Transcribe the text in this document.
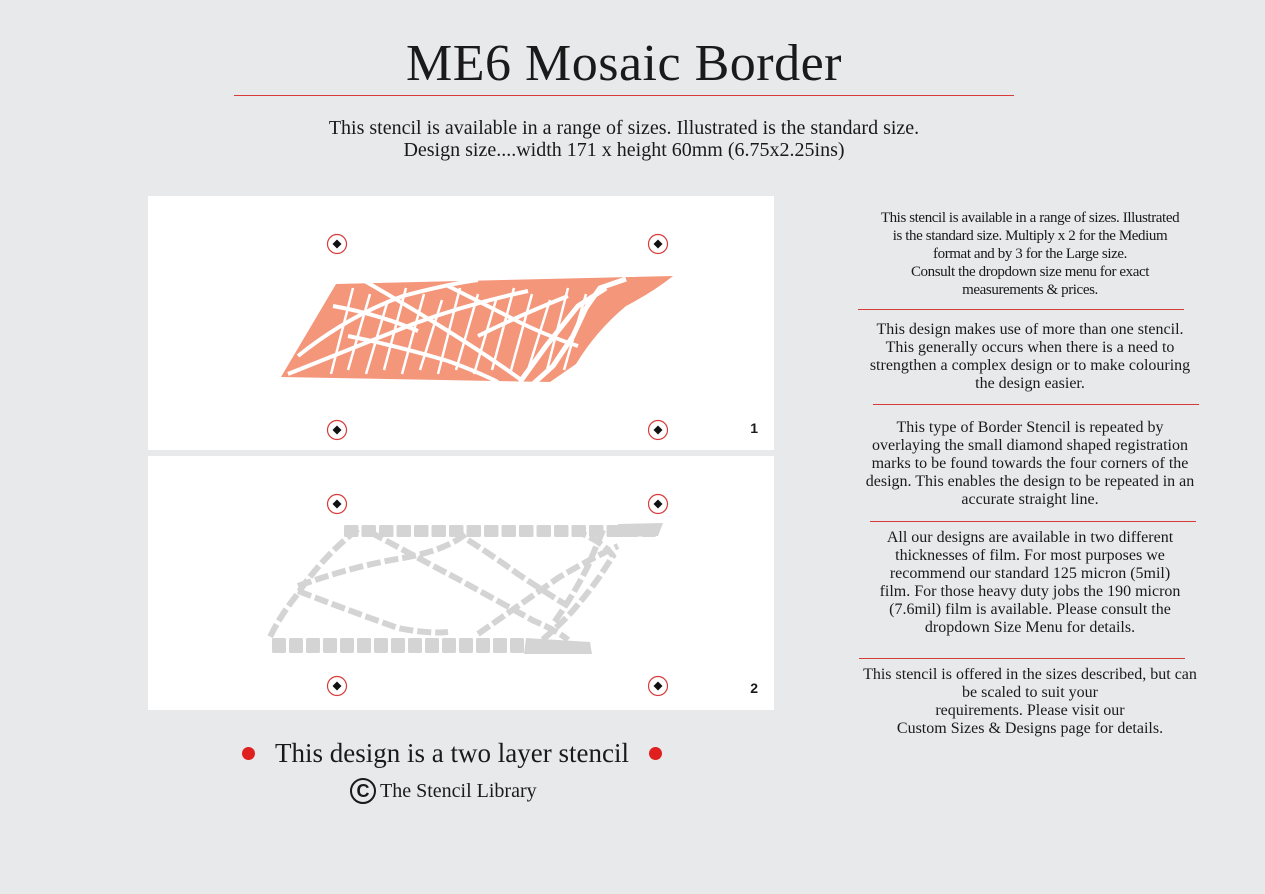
ME6 Mosaic Border
This stencil is available in a range of sizes. Illustrated is the standard size.
Design size....width 171 x height 60mm (6.75x2.25ins)
1
2
This design is a two layer stencil
C The Stencil Library
This stencil is available in a range of sizes. Illustrated
is the standard size. Multiply x 2 for the Medium
format and by 3 for the Large size.
Consult the dropdown size menu for exact
measurements & prices.
This design makes use of more than one stencil.
This generally occurs when there is a need to
strengthen a complex design or to make colouring
the design easier.
This type of Border Stencil is repeated by
overlaying the small diamond shaped registration
marks to be found towards the four corners of the
design. This enables the design to be repeated in an
accurate straight line.
All our designs are available in two different
thicknesses of film. For most purposes we
recommend our standard 125 micron (5mil)
film. For those heavy duty jobs the 190 micron
(7.6mil) film is available. Please consult the
dropdown Size Menu for details.
This stencil is offered in the sizes described, but can
be scaled to suit your
requirements. Please visit our
Custom Sizes & Designs page for details.
